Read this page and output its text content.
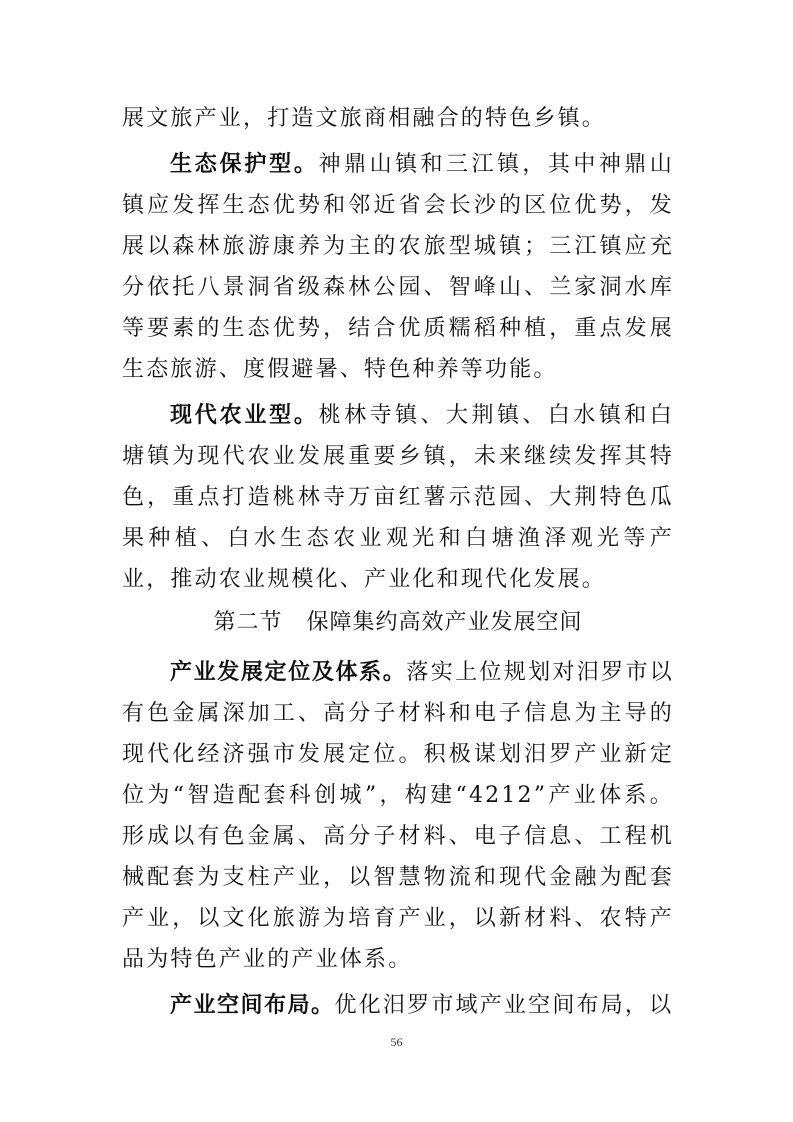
展文旅产业，打造文旅商相融合的特色乡镇。

生态保护型。神鼎山镇和三江镇，其中神鼎山镇应发挥生态优势和邻近省会长沙的区位优势，发展以森林旅游康养为主的农旅型城镇；三江镇应充分依托八景洞省级森林公园、智峰山、兰家洞水库等要素的生态优势，结合优质糯稻种植，重点发展生态旅游、度假避暑、特色种养等功能。

现代农业型。桃林寺镇、大荆镇、白水镇和白塘镇为现代农业发展重要乡镇，未来继续发挥其特色，重点打造桃林寺万亩红薯示范园、大荆特色瓜果种植、白水生态农业观光和白塘渔泽观光等产业，推动农业规模化、产业化和现代化发展。

第二节 保障集约高效产业发展空间

产业发展定位及体系。落实上位规划对汨罗市以有色金属深加工、高分子材料和电子信息为主导的现代化经济强市发展定位。积极谋划汨罗产业新定位为“智造配套科创城”，构建“4212”产业体系。形成以有色金属、高分子材料、电子信息、工程机械配套为支柱产业，以智慧物流和现代金融为配套产业，以文化旅游为培育产业，以新材料、农特产品为特色产业的产业体系。

产业空间布局。优化汨罗市域产业空间布局，以

56
